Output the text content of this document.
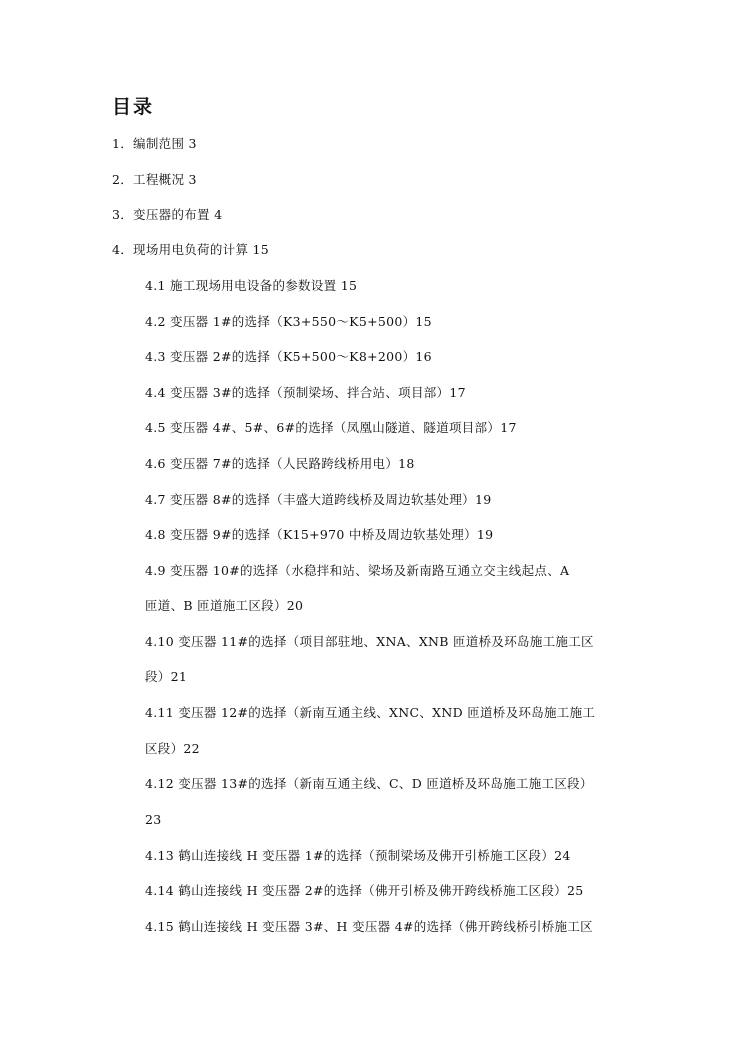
目录
1．编制范围 3
2．工程概况 3
3．变压器的布置 4
4．现场用电负荷的计算 15
4.1 施工现场用电设备的参数设置 15
4.2 变压器 1#的选择（K3+550～K5+500）15
4.3 变压器 2#的选择（K5+500～K8+200）16
4.4 变压器 3#的选择（预制梁场、拌合站、项目部）17
4.5 变压器 4#、5#、6#的选择（凤凰山隧道、隧道项目部）17
4.6 变压器 7#的选择（人民路跨线桥用电）18
4.7 变压器 8#的选择（丰盛大道跨线桥及周边软基处理）19
4.8 变压器 9#的选择（K15+970 中桥及周边软基处理）19
4.9 变压器 10#的选择（水稳拌和站、梁场及新南路互通立交主线起点、A
匝道、B 匝道施工区段）20
4.10 变压器 11#的选择（项目部驻地、XNA、XNB 匝道桥及环岛施工施工区
段）21
4.11 变压器 12#的选择（新南互通主线、XNC、XND 匝道桥及环岛施工施工
区段）22
4.12 变压器 13#的选择（新南互通主线、C、D 匝道桥及环岛施工施工区段）
23
4.13 鹤山连接线 H 变压器 1#的选择（预制梁场及佛开引桥施工区段）24
4.14 鹤山连接线 H 变压器 2#的选择（佛开引桥及佛开跨线桥施工区段）25
4.15 鹤山连接线 H 变压器 3#、H 变压器 4#的选择（佛开跨线桥引桥施工区
